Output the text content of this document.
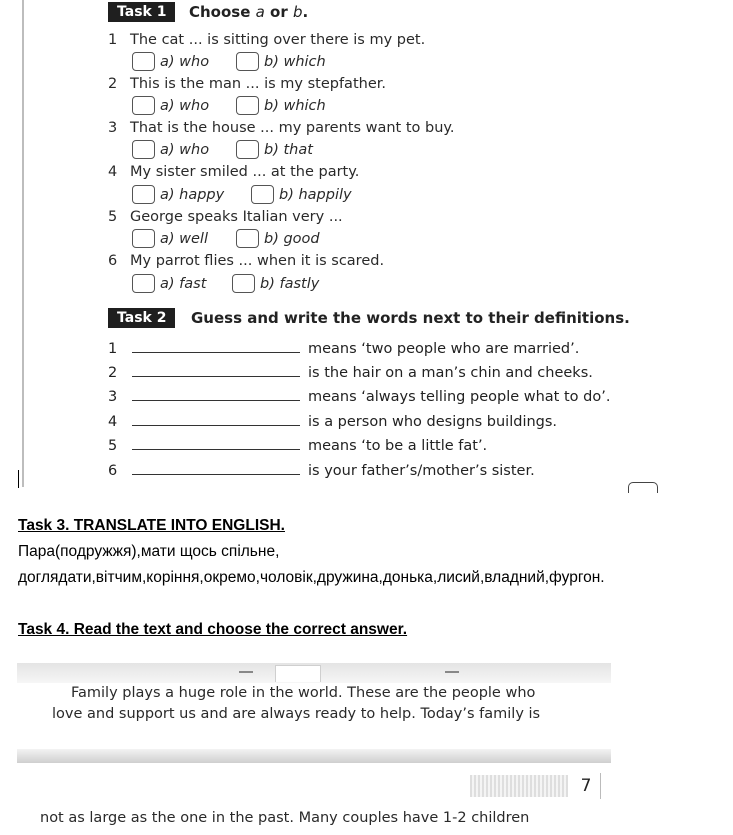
Task 1	Choose a or b.
1 The cat ... is sitting over there is my pet.
a) who	b) which
2 This is the man ... is my stepfather.
a) who	b) which
3 That is the house ... my parents want to buy.
a) who	b) that
4 My sister smiled ... at the party.
a) happy	b) happily
5 George speaks Italian very ...
a) well	b) good
6 My parrot flies ... when it is scared.
a) fast	b) fastly
Task 2	Guess and write the words next to their definitions.
1	means ‘two people who are married’.
2	is the hair on a man’s chin and cheeks.
3	means ‘always telling people what to do’.
4	is a person who designs buildings.
5	means ‘to be a little fat’.
6	is your father’s/mother’s sister.
Task 3. TRANSLATE INTO ENGLISH.
Пара(подружжя),мати щось спільне,
доглядати,вітчим,коріння,окремо,чоловік,дружина,донька,лисий,владний,фургон.
Task 4. Read the text and choose the correct answer.
Family plays a huge role in the world. These are the people who
love and support us and are always ready to help. Today’s family is
7
not as large as the one in the past. Many couples have 1-2 children
